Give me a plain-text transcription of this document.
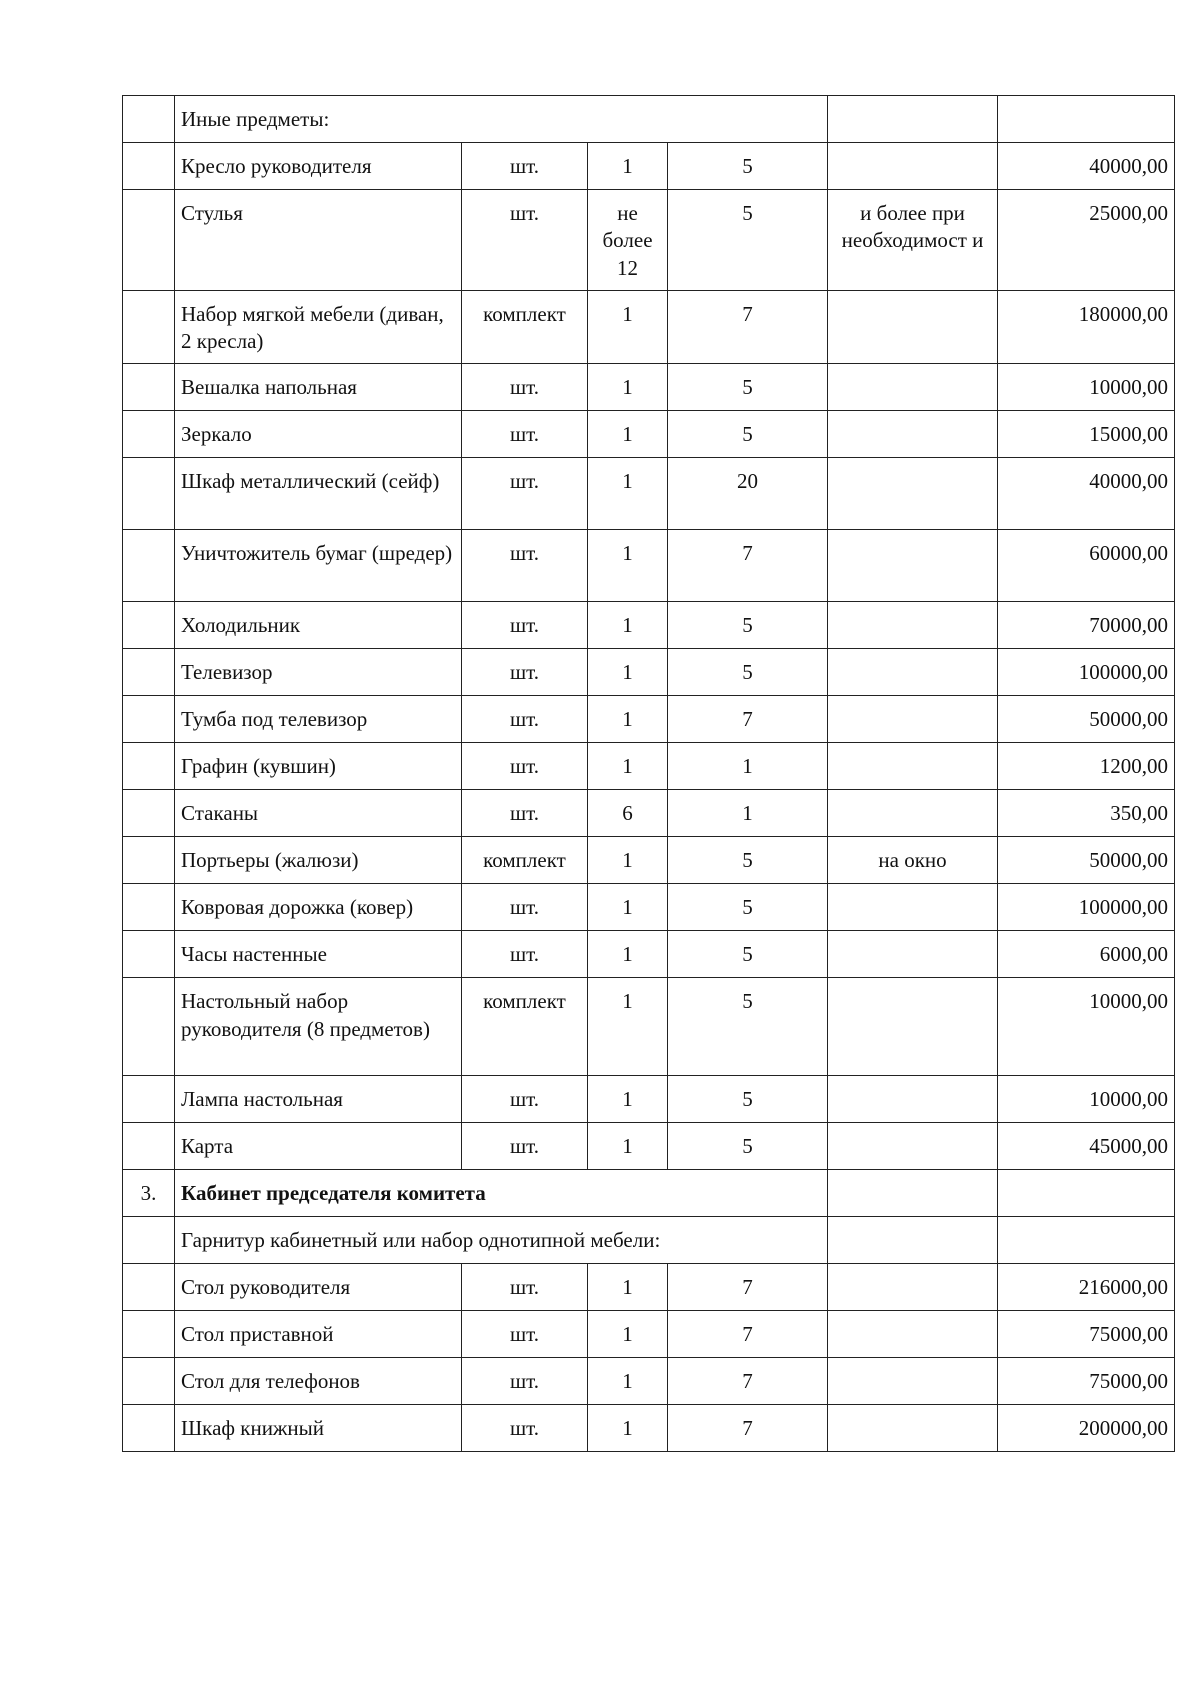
	Иные предметы:					
	Кресло руководителя	шт.	1	5		40000,00
	Стулья	шт.	не более 12	5	и более при необходимост и	25000,00
	Набор мягкой мебели (диван, 2 кресла)	комплект	1	7		180000,00
	Вешалка напольная	шт.	1	5		10000,00
	Зеркало	шт.	1	5		15000,00
	Шкаф металлический (сейф)	шт.	1	20		40000,00
	Уничтожитель бумаг (шредер)	шт.	1	7		60000,00
	Холодильник	шт.	1	5		70000,00
	Телевизор	шт.	1	5		100000,00
	Тумба под телевизор	шт.	1	7		50000,00
	Графин (кувшин)	шт.	1	1		1200,00
	Стаканы	шт.	6	1		350,00
	Портьеры (жалюзи)	комплект	1	5	на окно	50000,00
	Ковровая дорожка (ковер)	шт.	1	5		100000,00
	Часы настенные	шт.	1	5		6000,00
	Настольный набор руководителя (8 предметов)	комплект	1	5		10000,00
	Лампа настольная	шт.	1	5		10000,00
	Карта	шт.	1	5		45000,00
3.	Кабинет председателя комитета					
	Гарнитур кабинетный или набор однотипной мебели:					
	Стол руководителя	шт.	1	7		216000,00
	Стол приставной	шт.	1	7		75000,00
	Стол для телефонов	шт.	1	7		75000,00
	Шкаф книжный	шт.	1	7		200000,00
